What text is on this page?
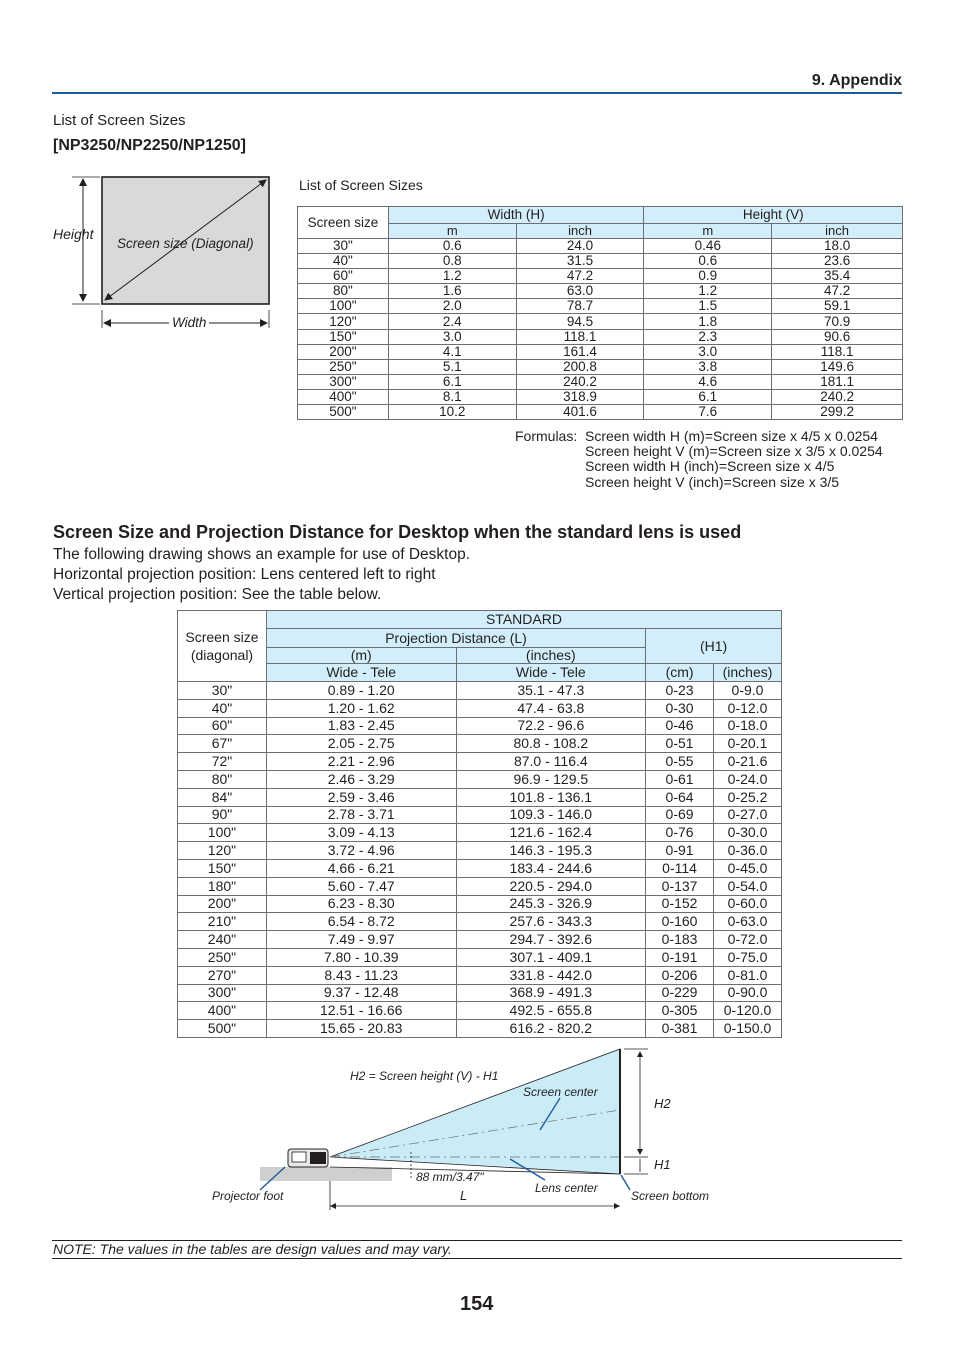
9. Appendix
List of Screen Sizes
[NP3250/NP2250/NP1250]
Height
Screen size (Diagonal)
Width
List of Screen Sizes
Screen size	Width (H)		Height (V)	
	m	inch	m	inch
30"	0.6	24.0	0.46	18.0
40"	0.8	31.5	0.6	23.6
60"	1.2	47.2	0.9	35.4
80"	1.6	63.0	1.2	47.2
100"	2.0	78.7	1.5	59.1
120"	2.4	94.5	1.8	70.9
150"	3.0	118.1	2.3	90.6
200"	4.1	161.4	3.0	118.1
250"	5.1	200.8	3.8	149.6
300"	6.1	240.2	4.6	181.1
400"	8.1	318.9	6.1	240.2
500"	10.2	401.6	7.6	299.2
Formulas: Screen width H (m)=Screen size x 4/5 x 0.0254
Screen height V (m)=Screen size x 3/5 x 0.0254
Screen width H (inch)=Screen size x 4/5
Screen height V (inch)=Screen size x 3/5
Screen Size and Projection Distance for Desktop when the standard lens is used
The following drawing shows an example for use of Desktop.
Horizontal projection position: Lens centered left to right
Vertical projection position: See the table below.
Screen size (diagonal)	STANDARD			
	Projection Distance (L)		(H1)	
	(m)	(inches)		
	Wide - Tele	Wide - Tele	(cm)	(inches)
30"	0.89 - 1.20	35.1 - 47.3	0-23	0-9.0
40"	1.20 - 1.62	47.4 - 63.8	0-30	0-12.0
60"	1.83 - 2.45	72.2 - 96.6	0-46	0-18.0
67"	2.05 - 2.75	80.8 - 108.2	0-51	0-20.1
72"	2.21 - 2.96	87.0 - 116.4	0-55	0-21.6
80"	2.46 - 3.29	96.9 - 129.5	0-61	0-24.0
84"	2.59 - 3.46	101.8 - 136.1	0-64	0-25.2
90"	2.78 - 3.71	109.3 - 146.0	0-69	0-27.0
100"	3.09 - 4.13	121.6 - 162.4	0-76	0-30.0
120"	3.72 - 4.96	146.3 - 195.3	0-91	0-36.0
150"	4.66 - 6.21	183.4 - 244.6	0-114	0-45.0
180"	5.60 - 7.47	220.5 - 294.0	0-137	0-54.0
200"	6.23 - 8.30	245.3 - 326.9	0-152	0-60.0
210"	6.54 - 8.72	257.6 - 343.3	0-160	0-63.0
240"	7.49 - 9.97	294.7 - 392.6	0-183	0-72.0
250"	7.80 - 10.39	307.1 - 409.1	0-191	0-75.0
270"	8.43 - 11.23	331.8 - 442.0	0-206	0-81.0
300"	9.37 - 12.48	368.9 - 491.3	0-229	0-90.0
400"	12.51 - 16.66	492.5 - 655.8	0-305	0-120.0
500"	15.65 - 20.83	616.2 - 820.2	0-381	0-150.0
H2 = Screen height (V) - H1
Screen center
H2
H1
88 mm/3.47"
L	Lens center
Projector foot	Screen bottom
NOTE: The values in the tables are design values and may vary.
154
